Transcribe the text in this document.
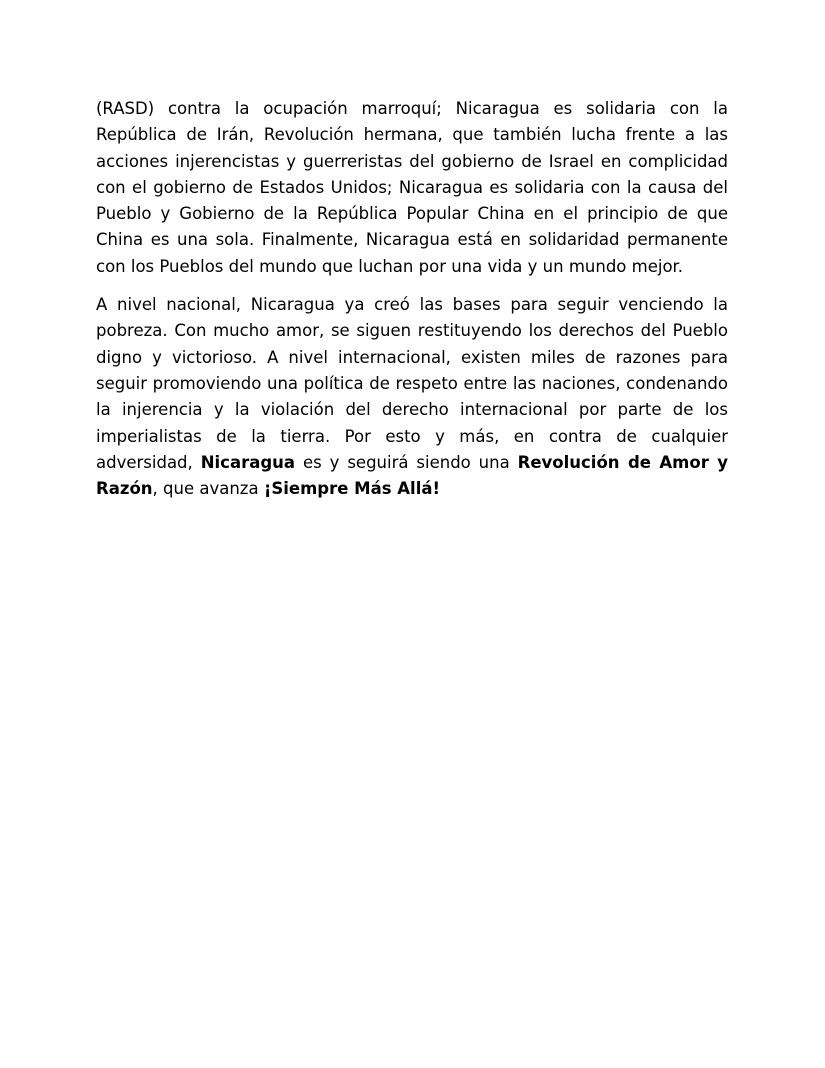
(RASD) contra la ocupación marroquí; Nicaragua es solidaria con la República de Irán, Revolución hermana, que también lucha frente a las acciones injerencistas y guerreristas del gobierno de Israel en complicidad con el gobierno de Estados Unidos; Nicaragua es solidaria con la causa del Pueblo y Gobierno de la República Popular China en el principio de que China es una sola. Finalmente, Nicaragua está en solidaridad permanente con los Pueblos del mundo que luchan por una vida y un mundo mejor.

A nivel nacional, Nicaragua ya creó las bases para seguir venciendo la pobreza. Con mucho amor, se siguen restituyendo los derechos del Pueblo digno y victorioso. A nivel internacional, existen miles de razones para seguir promoviendo una política de respeto entre las naciones, condenando la injerencia y la violación del derecho internacional por parte de los imperialistas de la tierra. Por esto y más, en contra de cualquier adversidad, Nicaragua es y seguirá siendo una Revolución de Amor y Razón, que avanza ¡Siempre Más Allá!
